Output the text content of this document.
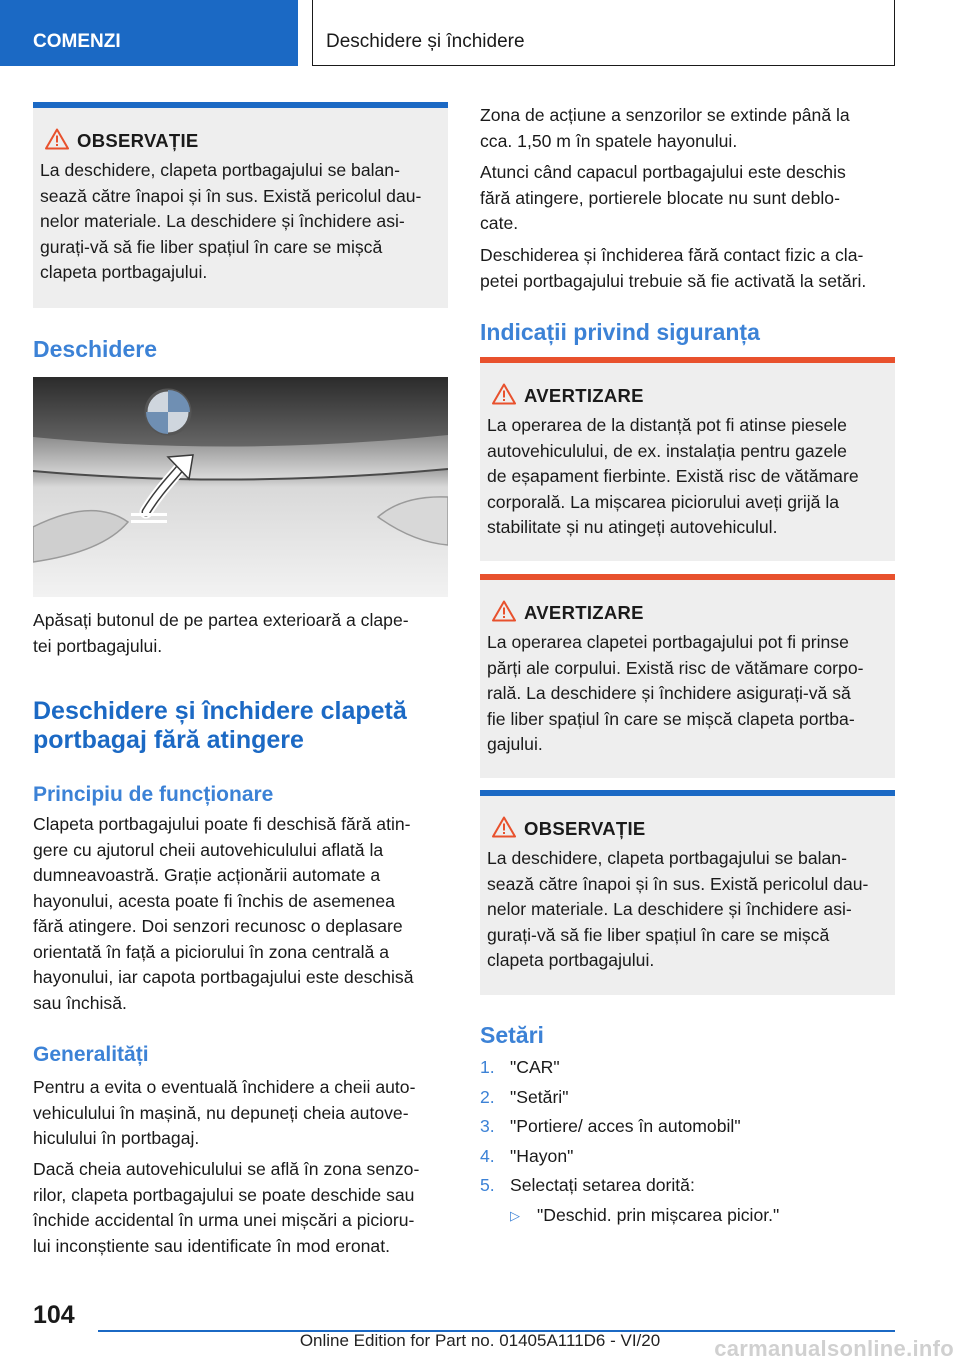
COMENZI	Deschidere și închidere
OBSERVAȚIE
La deschidere, clapeta portbagajului se balan-
sează către înapoi și în sus. Există pericolul dau-
nelor materiale. La deschidere și închidere asi-
gurați-vă să fie liber spațiul în care se mișcă
clapeta portbagajului.
Deschidere
Apăsați butonul de pe partea exterioară a clape-
tei portbagajului.
Deschidere și închidere clapetă
portbagaj fără atingere
Principiu de funcționare
Clapeta portbagajului poate fi deschisă fără atin-
gere cu ajutorul cheii autovehiculului aflată la
dumneavoastră. Grație acționării automate a
hayonului, acesta poate fi închis de asemenea
fără atingere. Doi senzori recunosc o deplasare
orientată în față a piciorului în zona centrală a
hayonului, iar capota portbagajului este deschisă
sau închisă.
Generalități
Pentru a evita o eventuală închidere a cheii auto-
vehiculului în mașină, nu depuneți cheia autove-
hiculului în portbagaj.
Dacă cheia autovehiculului se află în zona senzo-
rilor, clapeta portbagajului se poate deschide sau
închide accidental în urma unei mișcări a picioru-
lui inconștiente sau identificate în mod eronat.
Zona de acțiune a senzorilor se extinde până la
cca. 1,50 m în spatele hayonului.
Atunci când capacul portbagajului este deschis
fără atingere, portierele blocate nu sunt deblo-
cate.
Deschiderea și închiderea fără contact fizic a cla-
petei portbagajului trebuie să fie activată la setări.
Indicații privind siguranța
AVERTIZARE
La operarea de la distanță pot fi atinse piesele
autovehiculului, de ex. instalația pentru gazele
de eșapament fierbinte. Există risc de vătămare
corporală. La mișcarea piciorului aveți grijă la
stabilitate și nu atingeți autovehiculul.
AVERTIZARE
La operarea clapetei portbagajului pot fi prinse
părți ale corpului. Există risc de vătămare corpo-
rală. La deschidere și închidere asigurați-vă să
fie liber spațiul în care se mișcă clapeta portba-
gajului.
OBSERVAȚIE
La deschidere, clapeta portbagajului se balan-
sează către înapoi și în sus. Există pericolul dau-
nelor materiale. La deschidere și închidere asi-
gurați-vă să fie liber spațiul în care se mișcă
clapeta portbagajului.
Setări
1. "CAR"
2. "Setări"
3. "Portiere/ acces în automobil"
4. "Hayon"
5. Selectați setarea dorită:
▷ "Deschid. prin mișcarea picior."
104
Online Edition for Part no. 01405A111D6 - VI/20	carmanualsonline.info
